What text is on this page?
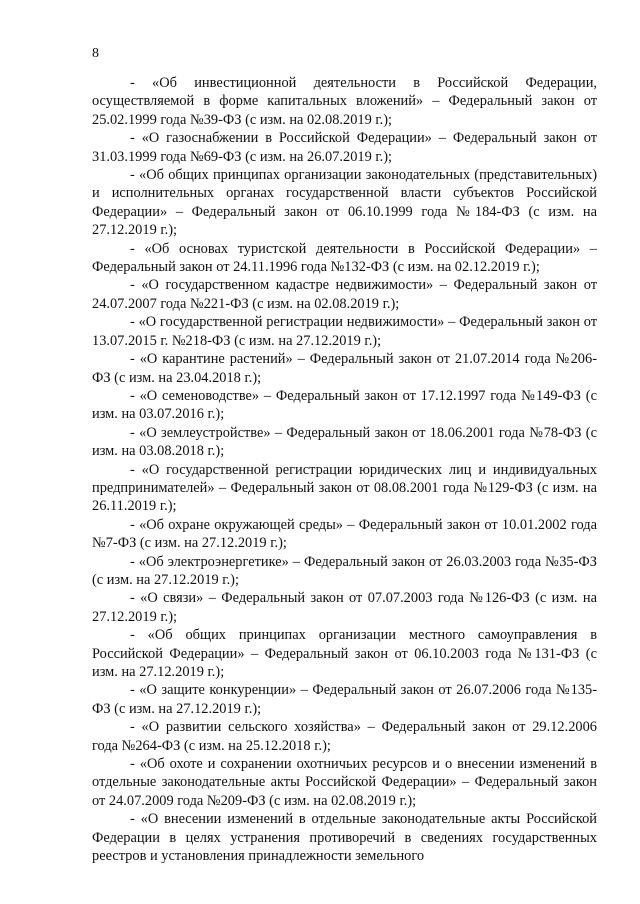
8

- «Об инвестиционной деятельности в Российской Федерации, осуществляемой в форме капитальных вложений» – Федеральный закон от 25.02.1999 года №39-ФЗ (с изм. на 02.08.2019 г.);

- «О газоснабжении в Российской Федерации» – Федеральный закон от 31.03.1999 года №69-ФЗ (с изм. на 26.07.2019 г.);

- «Об общих принципах организации законодательных (представительных) и исполнительных органах государственной власти субъектов Российской Федерации» – Федеральный закон от 06.10.1999 года №184-ФЗ (с изм. на 27.12.2019 г.);

- «Об основах туристской деятельности в Российской Федерации» – Федеральный закон от 24.11.1996 года №132-ФЗ (с изм. на 02.12.2019 г.);

- «О государственном кадастре недвижимости» – Федеральный закон от 24.07.2007 года №221-ФЗ (с изм. на 02.08.2019 г.);

- «О государственной регистрации недвижимости» – Федеральный закон от 13.07.2015 г. №218-ФЗ (с изм. на 27.12.2019 г.);

- «О карантине растений» – Федеральный закон от 21.07.2014 года №206-ФЗ (с изм. на 23.04.2018 г.);

- «О семеноводстве» – Федеральный закон от 17.12.1997 года №149-ФЗ (с изм. на 03.07.2016 г.);

- «О землеустройстве» – Федеральный закон от 18.06.2001 года №78-ФЗ (с изм. на 03.08.2018 г.);

- «О государственной регистрации юридических лиц и индивидуальных предпринимателей» – Федеральный закон от 08.08.2001 года №129-ФЗ (с изм. на 26.11.2019 г.);

- «Об охране окружающей среды» – Федеральный закон от 10.01.2002 года №7-ФЗ (с изм. на 27.12.2019 г.);

- «Об электроэнергетике» – Федеральный закон от 26.03.2003 года №35-ФЗ (с изм. на 27.12.2019 г.);

- «О связи» – Федеральный закон от 07.07.2003 года №126-ФЗ (с изм. на 27.12.2019 г.);

- «Об общих принципах организации местного самоуправления в Российской Федерации» – Федеральный закон от 06.10.2003 года №131-ФЗ (с изм. на 27.12.2019 г.);

- «О защите конкуренции» – Федеральный закон от 26.07.2006 года №135-ФЗ (с изм. на 27.12.2019 г.);

- «О развитии сельского хозяйства» – Федеральный закон от 29.12.2006 года №264-ФЗ (с изм. на 25.12.2018 г.);

- «Об охоте и сохранении охотничьих ресурсов и о внесении изменений в отдельные законодательные акты Российской Федерации» – Федеральный закон от 24.07.2009 года №209-ФЗ (с изм. на 02.08.2019 г.);

- «О внесении изменений в отдельные законодательные акты Российской Федерации в целях устранения противоречий в сведениях государственных реестров и установления принадлежности земельного
